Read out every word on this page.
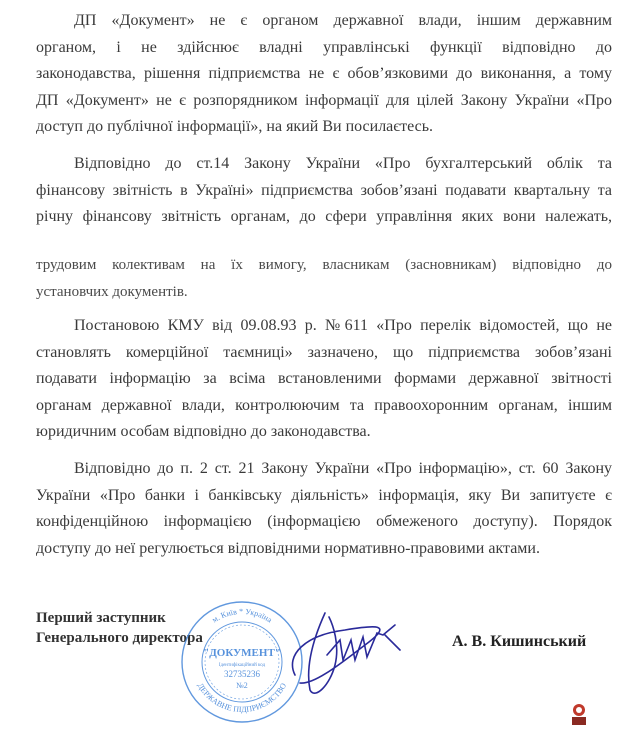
ДП «Документ» не є органом державної влади, іншим державним
органом, і не здійснює владні управлінські функції відповідно до
законодавства, рішення підприємства не є обов’язковими до виконання, а тому
ДП «Документ» не є розпорядником інформації для цілей Закону України «Про
доступ до публічної інформації», на який Ви посилаєтесь.
Відповідно до ст.14 Закону України «Про бухгалтерський облік та
фінансову звітність в Україні» підприємства зобов’язані подавати квартальну та
річну фінансову звітність органам, до сфери управління яких вони належать,
трудовим колективам на їх вимогу, власникам (засновникам) відповідно до
установчих документів.
Постановою КМУ від 09.08.93 р. №611 «Про перелік відомостей, що не
становлять комерційної таємниці» зазначено, що підприємства зобов’язані
подавати інформацію за всіма встановленими формами державної звітності
органам державної влади, контролюючим та правоохоронним органам, іншим
юридичним особам відповідно до законодавства.
Відповідно до п. 2 ст. 21 Закону України «Про інформацію», ст. 60 Закону
України «Про банки і банківську діяльність» інформація, яку Ви запитуєте є
конфіденційною інформацією (інформацією обмеженого доступу). Порядок
доступу до неї регулюється відповідними нормативно-правовими актами.
Перший заступник
Генерального директора
м. Київ * Україна
ДЕРЖАВНЕ ПІДПРИЄМСТВО
"ДОКУМЕНТ"
Ідентифікаційний код
32735236
№2
А. В. Кишинський
